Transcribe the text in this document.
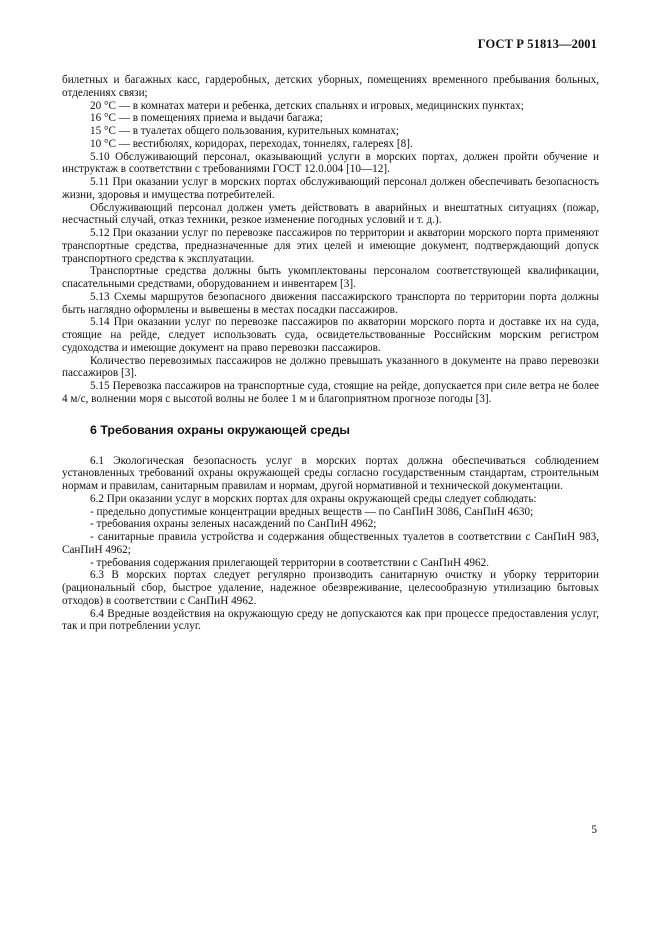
ГОСТ Р 51813—2001

билетных и багажных касс, гардеробных, детских уборных, помещениях временного пребывания больных, отделениях связи;

20 °С — в комнатах матери и ребенка, детских спальнях и игровых, медицинских пунктах;

16 °С — в помещениях приема и выдачи багажа;

15 °С — в туалетах общего пользования, курительных комнатах;

10 °С — вестибюлях, коридорах, переходах, тоннелях, галереях [8].

5.10 Обслуживающий персонал, оказывающий услуги в морских портах, должен пройти обучение и инструктаж в соответствии с требованиями ГОСТ 12.0.004 [10—12].

5.11 При оказании услуг в морских портах обслуживающий персонал должен обеспечивать безопасность жизни, здоровья и имущества потребителей.

Обслуживающий персонал должен уметь действовать в аварийных и внештатных ситуациях (пожар, несчастный случай, отказ техники, резкое изменение погодных условий и т. д.).

5.12 При оказании услуг по перевозке пассажиров по территории и акватории морского порта применяют транспортные средства, предназначенные для этих целей и имеющие документ, подтверждающий допуск транспортного средства к эксплуатации.

Транспортные средства должны быть укомплектованы персоналом соответствующей квалификации, спасательными средствами, оборудованием и инвентарем [3].

5.13 Схемы маршрутов безопасного движения пассажирского транспорта по территории порта должны быть наглядно оформлены и вывешены в местах посадки пассажиров.

5.14 При оказании услуг по перевозке пассажиров по акватории морского порта и доставке их на суда, стоящие на рейде, следует использовать суда, освидетельствованные Российским морским регистром судоходства и имеющие документ на право перевозки пассажиров.

Количество перевозимых пассажиров не должно превышать указанного в документе на право перевозки пассажиров [3].

5.15 Перевозка пассажиров на транспортные суда, стоящие на рейде, допускается при силе ветра не более 4 м/с, волнении моря с высотой волны не более 1 м и благоприятном прогнозе погоды [3].

6 Требования охраны окружающей среды

6.1 Экологическая безопасность услуг в морских портах должна обеспечиваться соблюдением установленных требований охраны окружающей среды согласно государственным стандартам, строительным нормам и правилам, санитарным правилам и нормам, другой нормативной и технической документации.

6.2 При оказании услуг в морских портах для охраны окружающей среды следует соблюдать:

- предельно допустимые концентрации вредных веществ — по СанПиН 3086, СанПиН 4630;

- требования охраны зеленых насаждений по СанПиН 4962;

- санитарные правила устройства и содержания общественных туалетов в соответствии с СанПиН 983, СанПиН 4962;

- требования содержания прилегающей территории в соответствии с СанПиН 4962.

6.3 В морских портах следует регулярно производить санитарную очистку и уборку территории (рациональный сбор, быстрое удаление, надежное обезвреживание, целесообразную утилизацию бытовых отходов) в соответствии с СанПиН 4962.

6.4 Вредные воздействия на окружающую среду не допускаются как при процессе предоставления услуг, так и при потреблении услуг.

5
